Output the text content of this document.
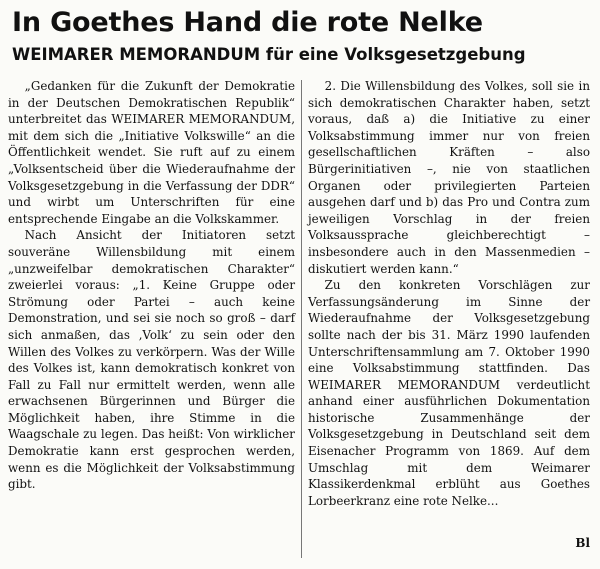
In Goethes Hand die rote Nelke
WEIMARER MEMORANDUM für eine Volksgesetzgebung

„Gedanken für die Zukunft der Demokratie in der Deutschen Demokratischen Republik“ unterbreitet das WEIMARER MEMORANDUM, mit dem sich die „Initiative Volkswille“ an die Öffentlichkeit wendet. Sie ruft auf zu einem „Volksentscheid über die Wiederaufnahme der Volksgesetzgebung in die Verfassung der DDR“ und wirbt um Unterschriften für eine entsprechende Eingabe an die Volkskammer.

Nach Ansicht der Initiatoren setzt souveräne Willensbildung mit einem „unzweifelbar demokratischen Charakter“ zweierlei voraus: „1. Keine Gruppe oder Strömung oder Partei – auch keine Demonstration, und sei sie noch so groß – darf sich anmaßen, das ‚Volk‘ zu sein oder den Willen des Volkes zu verkörpern. Was der Wille des Volkes ist, kann demokratisch konkret von Fall zu Fall nur ermittelt werden, wenn alle erwachsenen Bürgerinnen und Bürger die Möglichkeit haben, ihre Stimme in die Waagschale zu legen. Das heißt: Von wirklicher Demokratie kann erst gesprochen werden, wenn es die Möglichkeit der Volksabstimmung gibt.

2. Die Willensbildung des Volkes, soll sie in sich demokratischen Charakter haben, setzt voraus, daß a) die Initiative zu einer Volksabstimmung immer nur von freien gesellschaftlichen Kräften – also Bürgerinitiativen –, nie von staatlichen Organen oder privilegierten Parteien ausgehen darf und b) das Pro und Contra zum jeweiligen Vorschlag in der freien Volksaussprache gleichberechtigt – insbesondere auch in den Massenmedien – diskutiert werden kann.“

Zu den konkreten Vorschlägen zur Verfassungsänderung im Sinne der Wiederaufnahme der Volksgesetzgebung sollte nach der bis 31. März 1990 laufenden Unterschriftensammlung am 7. Oktober 1990 eine Volksabstimmung stattfinden. Das WEIMARER MEMORANDUM verdeutlicht anhand einer ausführlichen Dokumentation historische Zusammenhänge der Volksgesetzgebung in Deutschland seit dem Eisenacher Programm von 1869. Auf dem Umschlag mit dem Weimarer Klassikerdenkmal erblüht aus Goethes Lorbeerkranz eine rote Nelke...

Bl
